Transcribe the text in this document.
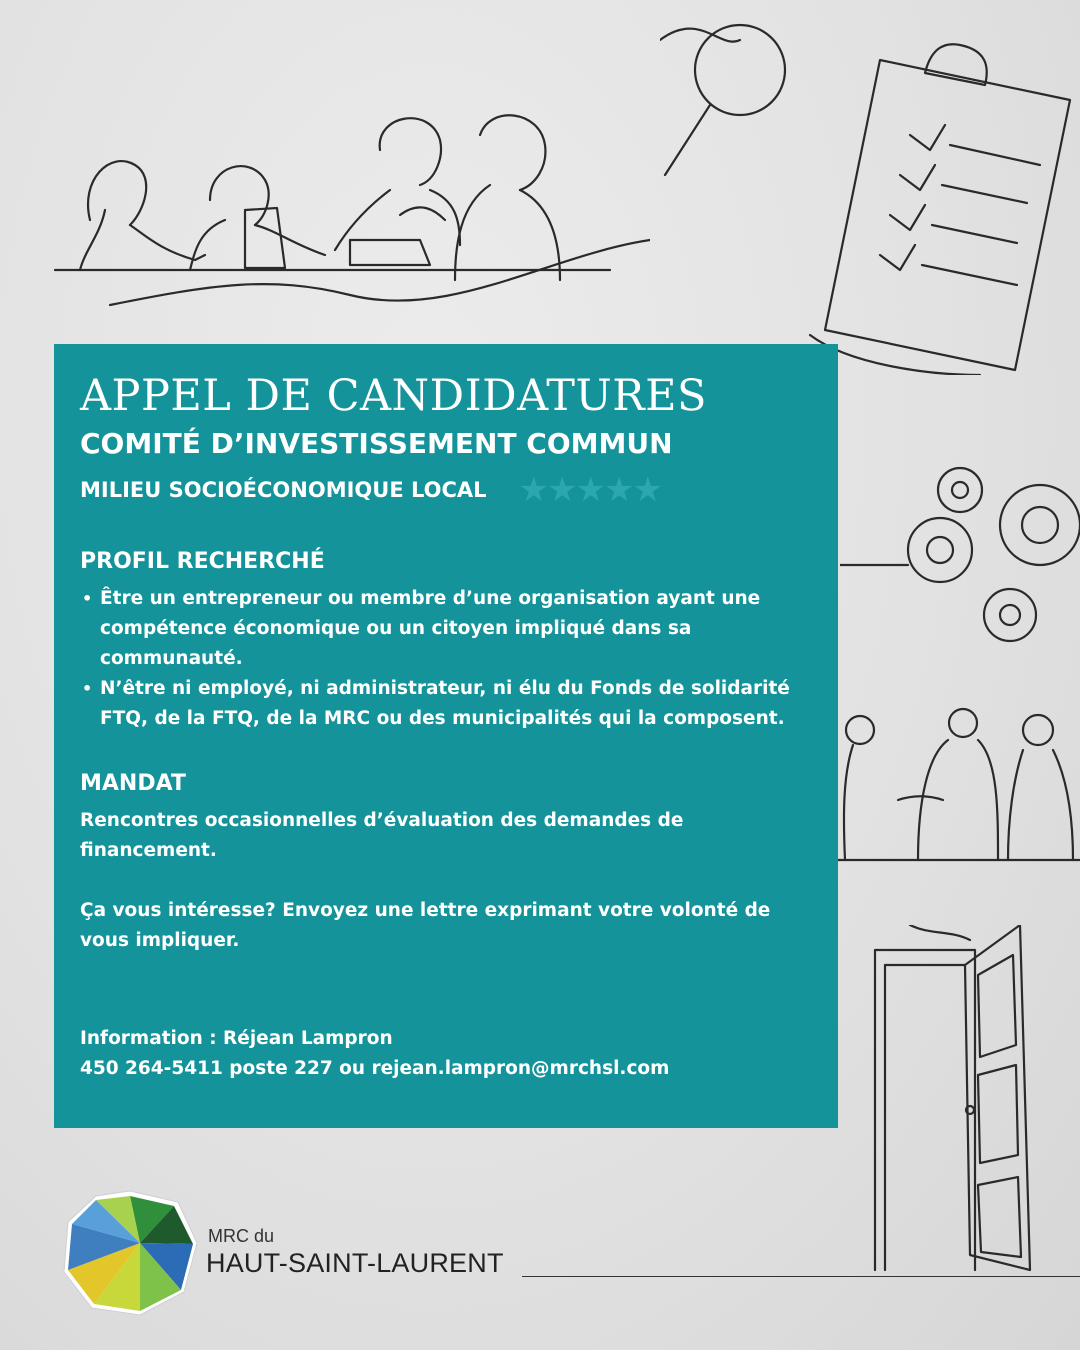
APPEL DE CANDIDATURES
COMITÉ D’INVESTISSEMENT COMMUN
MILIEU SOCIOÉCONOMIQUE LOCAL ★★★★★
PROFIL RECHERCHÉ
• Être un entrepreneur ou membre d’une organisation ayant une compétence économique ou un citoyen impliqué dans sa communauté.
• N’être ni employé, ni administrateur, ni élu du Fonds de solidarité FTQ, de la FTQ, de la MRC ou des municipalités qui la composent.
MANDAT

Rencontres occasionnelles d’évaluation des demandes de financement.

Ça vous intéresse? Envoyez une lettre exprimant votre volonté de vous impliquer.

Information : Réjean Lampron

450 264-5411 poste 227 ou rejean.lampron@mrchsl.com

MRC du
HAUT-SAINT-LAURENT
